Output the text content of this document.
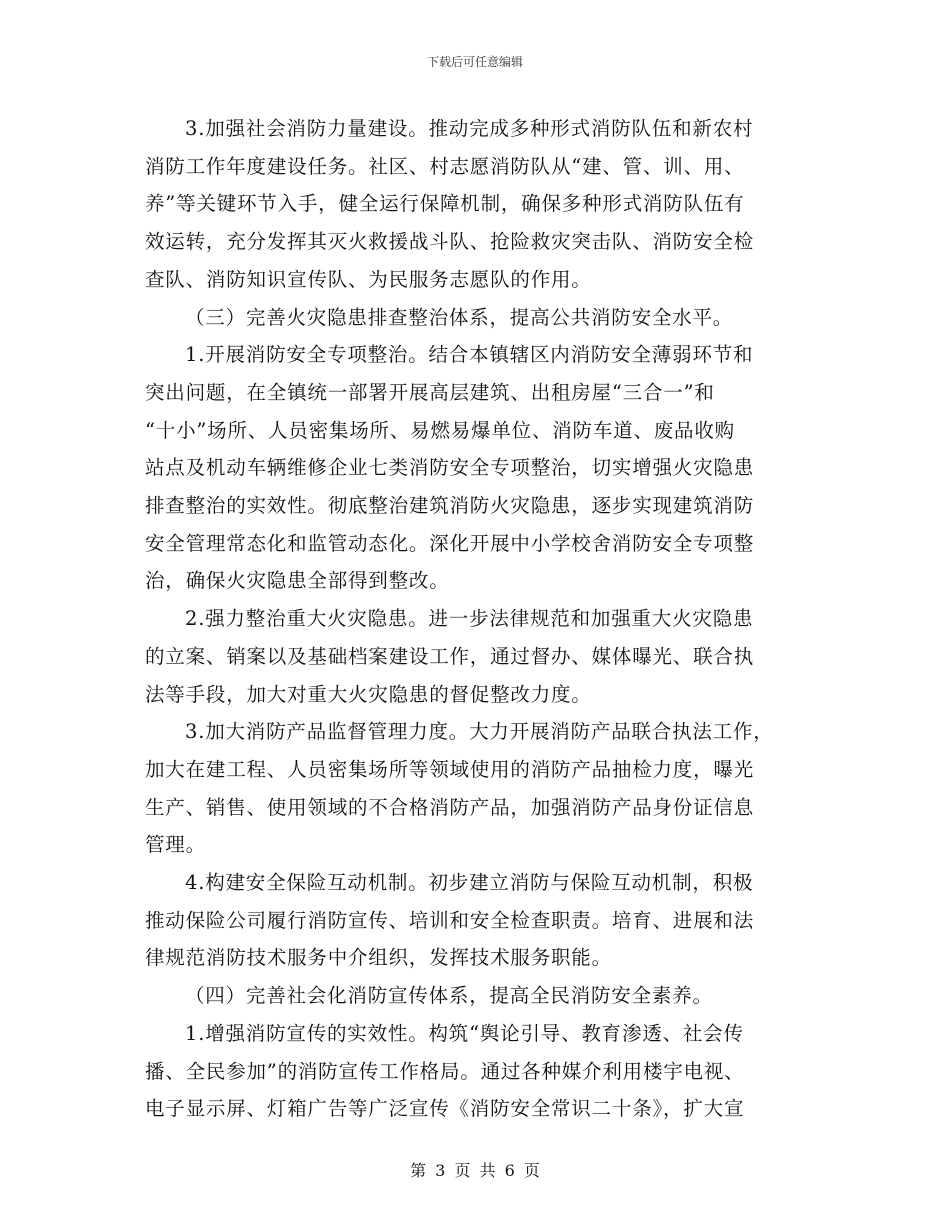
下载后可任意编辑

3.加强社会消防力量建设。推动完成多种形式消防队伍和新农村

消防工作年度建设任务。社区、村志愿消防队从“建、管、训、用、

养”等关键环节入手，健全运行保障机制，确保多种形式消防队伍有

效运转，充分发挥其灭火救援战斗队、抢险救灾突击队、消防安全检

查队、消防知识宣传队、为民服务志愿队的作用。

（三）完善火灾隐患排查整治体系，提高公共消防安全水平。

1.开展消防安全专项整治。结合本镇辖区内消防安全薄弱环节和

突出问题，在全镇统一部署开展高层建筑、出租房屋“三合一”和

“十小”场所、人员密集场所、易燃易爆单位、消防车道、废品收购

站点及机动车辆维修企业七类消防安全专项整治，切实增强火灾隐患

排查整治的实效性。彻底整治建筑消防火灾隐患，逐步实现建筑消防

安全管理常态化和监管动态化。深化开展中小学校舍消防安全专项整

治，确保火灾隐患全部得到整改。

2.强力整治重大火灾隐患。进一步法律规范和加强重大火灾隐患

的立案、销案以及基础档案建设工作，通过督办、媒体曝光、联合执

法等手段，加大对重大火灾隐患的督促整改力度。

3.加大消防产品监督管理力度。大力开展消防产品联合执法工作，

加大在建工程、人员密集场所等领域使用的消防产品抽检力度，曝光

生产、销售、使用领域的不合格消防产品，加强消防产品身份证信息

管理。

4.构建安全保险互动机制。初步建立消防与保险互动机制，积极

推动保险公司履行消防宣传、培训和安全检查职责。培育、进展和法

律规范消防技术服务中介组织，发挥技术服务职能。

（四）完善社会化消防宣传体系，提高全民消防安全素养。

1.增强消防宣传的实效性。构筑“舆论引导、教育渗透、社会传

播、全民参加”的消防宣传工作格局。通过各种媒介利用楼宇电视、

电子显示屏、灯箱广告等广泛宣传《消防安全常识二十条》，扩大宣

第 3 页 共 6 页
